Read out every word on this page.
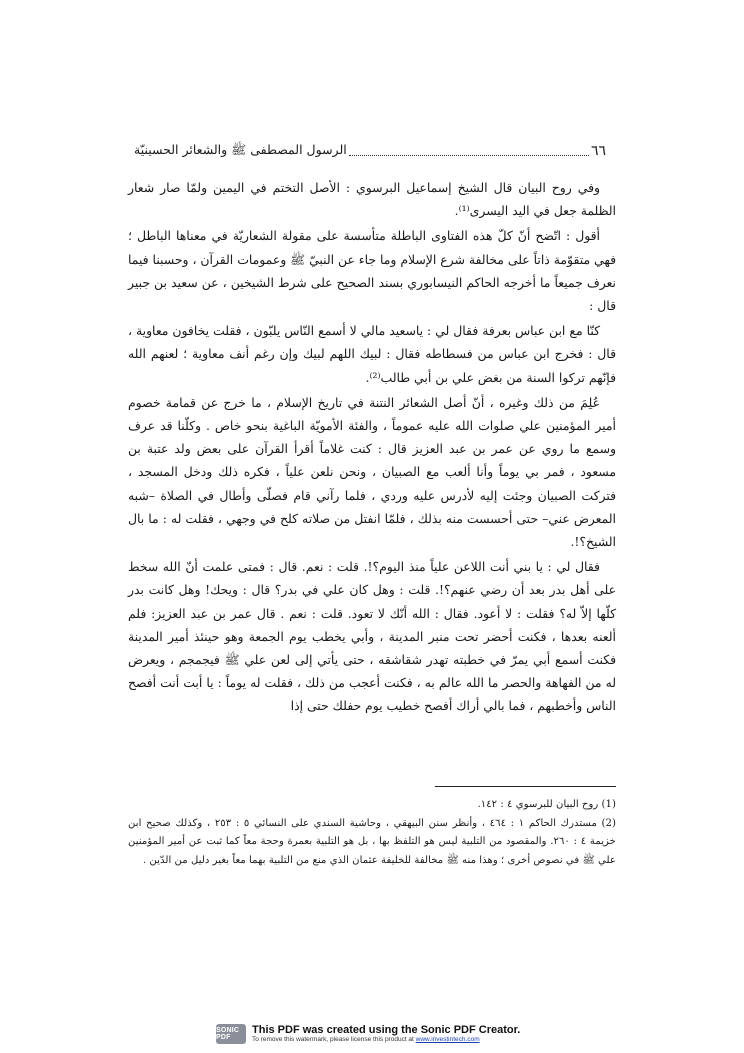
٦٦
الرسول المصطفى ﷺ والشعائر الحسينيّة

وفي روح البيان قال الشيخ إسماعيل البرسوي : الأصل التختم في اليمين ولمّا صار شعار الظلمة جعل في اليد اليسرى⁽¹⁾.

أقول : اتّضح أنّ كلّ هذه الفتاوى الباطلة متأسسة على مقولة الشعاريّة في معناها الباطل ؛ فهي متقوّمة ذاتاً على مخالفة شرع الإسلام وما جاء عن النبيّ ﷺ وعمومات القرآن ، وحسبنا فيما نعرف جميعاً ما أخرجه الحاكم النيسابوري بسند الصحيح على شرط الشيخين ، عن سعيد بن جبير قال :

كنّا مع ابن عباس بعرفة فقال لي : ياسعيد مالي لا أسمع النّاس يلبّون ، فقلت يخافون معاوية ، قال : فخرج ابن عباس من فسطاطه فقال : لبيك اللهم لبيك وإن رغم أنف معاوية ؛ لعنهم الله فإنّهم تركوا السنة من بغض علي بن أبي طالب⁽²⁾.

عُلِمَ من ذلك وغيره ، أنّ أصل الشعائر النتنة في تاريخ الإسلام ، ما خرج عن قمامة خصوم أمير المؤمنين علي صلوات الله عليه عموماً ، والفئة الأمويّة الباغية بنحو خاص . وكلّنا قد عرف وسمع ما روي عن عمر بن عبد العزيز قال : كنت غلاماً أقرأ القرآن على بعض ولد عتبة بن مسعود ، فمر بي يوماً وأنا ألعب مع الصبيان ، ونحن نلعن علياً ، فكره ذلك ودخل المسجد ، فتركت الصبيان وجئت إليه لأدرس عليه وردي ، فلما رآني قام فصلّى وأطال في الصلاة –شبه المعرض عني– حتى أحسست منه بذلك ، فلمّا انفتل من صلاته كلح في وجهي ، فقلت له : ما بال الشيخ؟!.

فقال لي : يا بني أنت اللاعن علياً منذ اليوم؟!. قلت : نعم. قال : فمتى علمت أنّ الله سخط على أهل بدر بعد أن رضي عنهم؟!. قلت : وهل كان علي في بدر؟ قال : ويحك! وهل كانت بدر كلّها إلاّ له؟ فقلت : لا أعود. فقال : الله أنّك لا تعود. قلت : نعم . قال عمر بن عبد العزيز: فلم ألعنه بعدها ، فكنت أحضر تحت منبر المدينة ، وأبي يخطب يوم الجمعة وهو حينئذ أمير المدينة فكنت أسمع أبي يمرّ في خطبته تهدر شقاشقه ، حتى يأتي إلى لعن علي ﷺ فيجمجم ، ويعرض له من الفهاهة والحصر ما الله عالم به ، فكنت أعجب من ذلك ، فقلت له يوماً : يا أبت أنت أفصح الناس وأخطبهم ، فما بالي أراك أفصح خطيب يوم حفلك حتى إذا

(1) روح البيان للبرسوي ٤ : ١٤٢.

(2) مستدرك الحاكم ١ : ٤٦٤ ، وأنظر سنن البيهقي ، وحاشية السندي على النسائي ٥ : ٢٥٣ ، وكذلك صحيح ابن خزيمة ٤ : ٢٦٠. والمقصود من التلبية ليس هو التلفظ بها ، بل هو التلبية بعمرة وحجة معاً كما ثبت عن أمير المؤمنين علي ﷺ في نصوص أخرى ؛ وهذا منه ﷺ مخالفة للخليفة عثمان الذي منع من التلبية بهما معاً بغير دليل من الدّين .

SONIC PDF
This PDF was created using the Sonic PDF Creator.
To remove this watermark, please license this product at www.investintech.com
